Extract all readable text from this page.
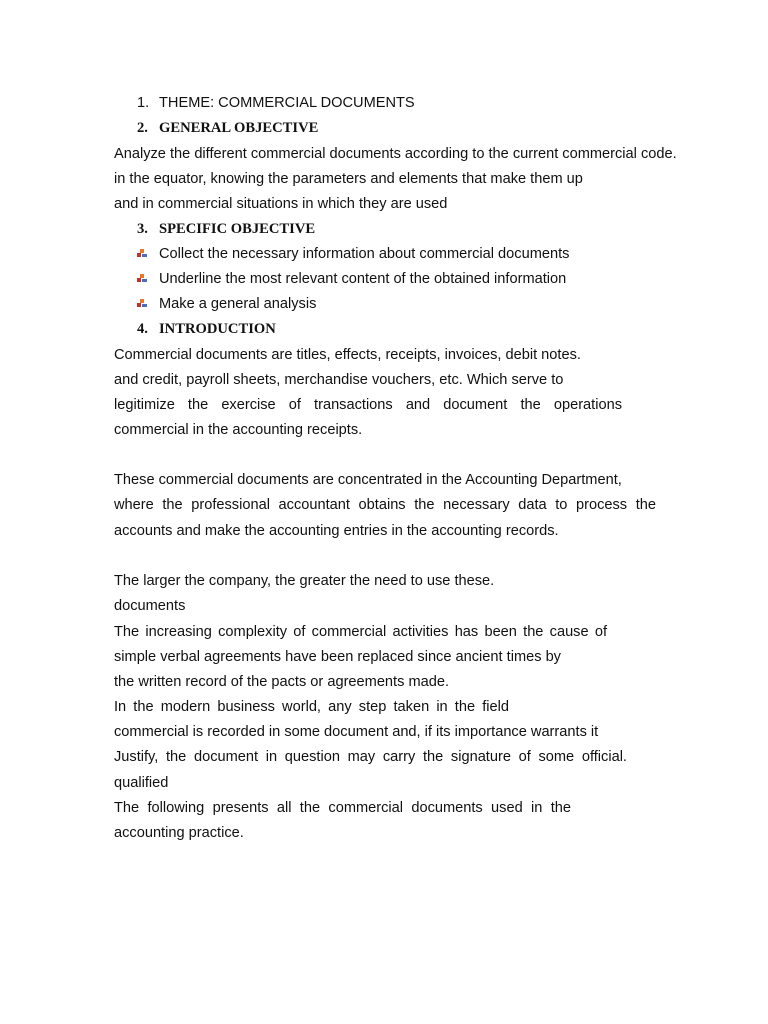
1. THEME: COMMERCIAL DOCUMENTS
2. GENERAL OBJECTIVE
Analyze the different commercial documents according to the current commercial code.
in the equator, knowing the parameters and elements that make them up
and in commercial situations in which they are used
3. SPECIFIC OBJECTIVE
Collect the necessary information about commercial documents
Underline the most relevant content of the obtained information
Make a general analysis
4. INTRODUCTION
Commercial documents are titles, effects, receipts, invoices, debit notes.
and credit, payroll sheets, merchandise vouchers, etc. Which serve to
legitimize the exercise of transactions and document the operations
commercial in the accounting receipts.
These commercial documents are concentrated in the Accounting Department,
where the professional accountant obtains the necessary data to process the
accounts and make the accounting entries in the accounting records.
The larger the company, the greater the need to use these.
documents
The increasing complexity of commercial activities has been the cause of
simple verbal agreements have been replaced since ancient times by
the written record of the pacts or agreements made.
In the modern business world, any step taken in the field
commercial is recorded in some document and, if its importance warrants it
Justify, the document in question may carry the signature of some official.
qualified
The following presents all the commercial documents used in the
accounting practice.
